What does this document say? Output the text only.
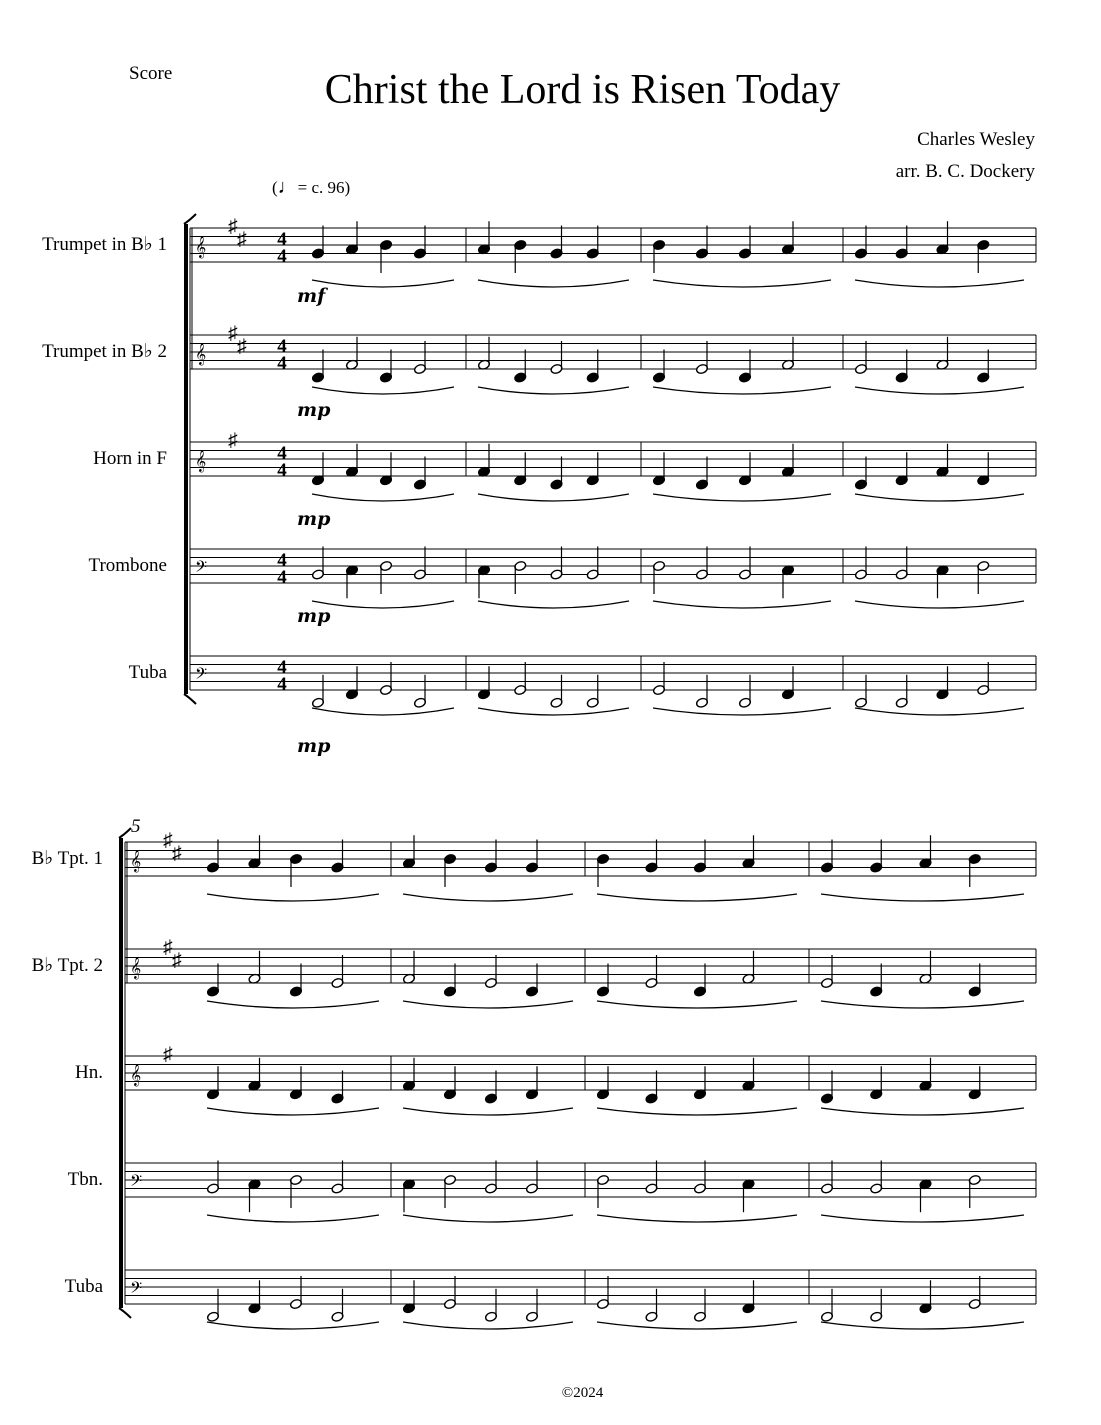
Score	Christ the Lord is Risen Today
Charles Wesley
arr. B. C. Dockery
(♩= c. 96)
Trumpet in B♭ 1 𝄞
♯
♯ 4
4
mf
Trumpet in B♭ 2 𝄞
♯
♯ 4
4
mp
Horn in F 𝄞
♯
4
4
mp
Trombone 𝄢	4
4
mp
Tuba 𝄢	4
4
mp
5
B♭ Tpt. 1 𝄞
♯
♯
B♭ Tpt. 2 𝄞
♯
♯
Hn. 𝄞
♯
Tbn. 𝄢
Tuba 𝄢
©2024
